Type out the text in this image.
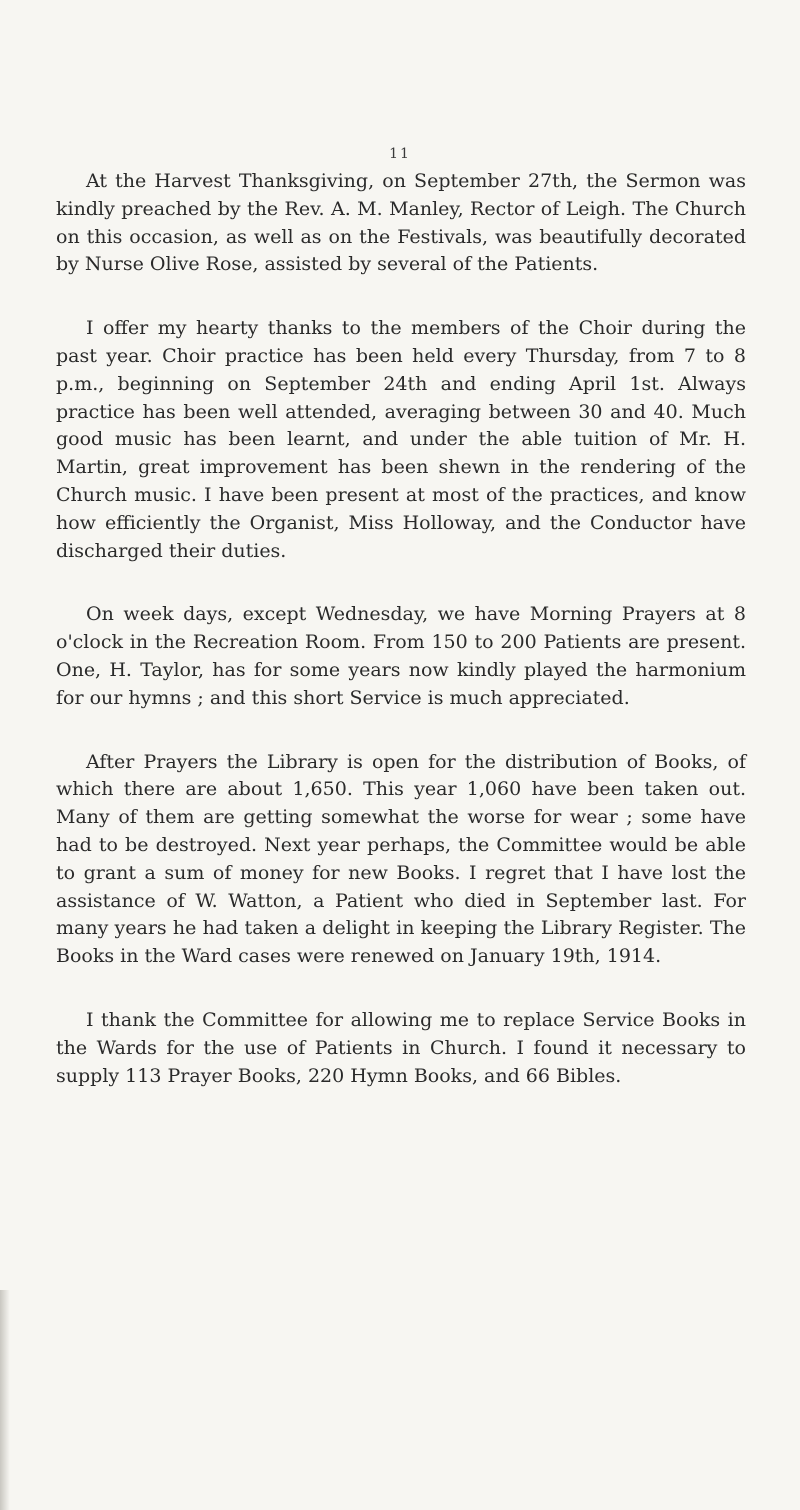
11

At the Harvest Thanksgiving, on September 27th, the Sermon was kindly preached by the Rev. A. M. Manley, Rector of Leigh. The Church on this occasion, as well as on the Festivals, was beautifully decorated by Nurse Olive Rose, assisted by several of the Patients.

I offer my hearty thanks to the members of the Choir during the past year. Choir practice has been held every Thursday, from 7 to 8 p.m., beginning on September 24th and ending April 1st. Always practice has been well attended, averaging between 30 and 40. Much good music has been learnt, and under the able tuition of Mr. H. Martin, great improvement has been shewn in the rendering of the Church music. I have been present at most of the practices, and know how efficiently the Organist, Miss Holloway, and the Conductor have discharged their duties.

On week days, except Wednesday, we have Morning Prayers at 8 o'clock in the Recreation Room. From 150 to 200 Patients are present. One, H. Taylor, has for some years now kindly played the harmonium for our hymns ; and this short Service is much appreciated.

After Prayers the Library is open for the distribution of Books, of which there are about 1,650. This year 1,060 have been taken out. Many of them are getting somewhat the worse for wear ; some have had to be destroyed. Next year perhaps, the Committee would be able to grant a sum of money for new Books. I regret that I have lost the assistance of W. Watton, a Patient who died in September last. For many years he had taken a delight in keeping the Library Register. The Books in the Ward cases were renewed on January 19th, 1914.

I thank the Committee for allowing me to replace Service Books in the Wards for the use of Patients in Church. I found it necessary to supply 113 Prayer Books, 220 Hymn Books, and 66 Bibles.
